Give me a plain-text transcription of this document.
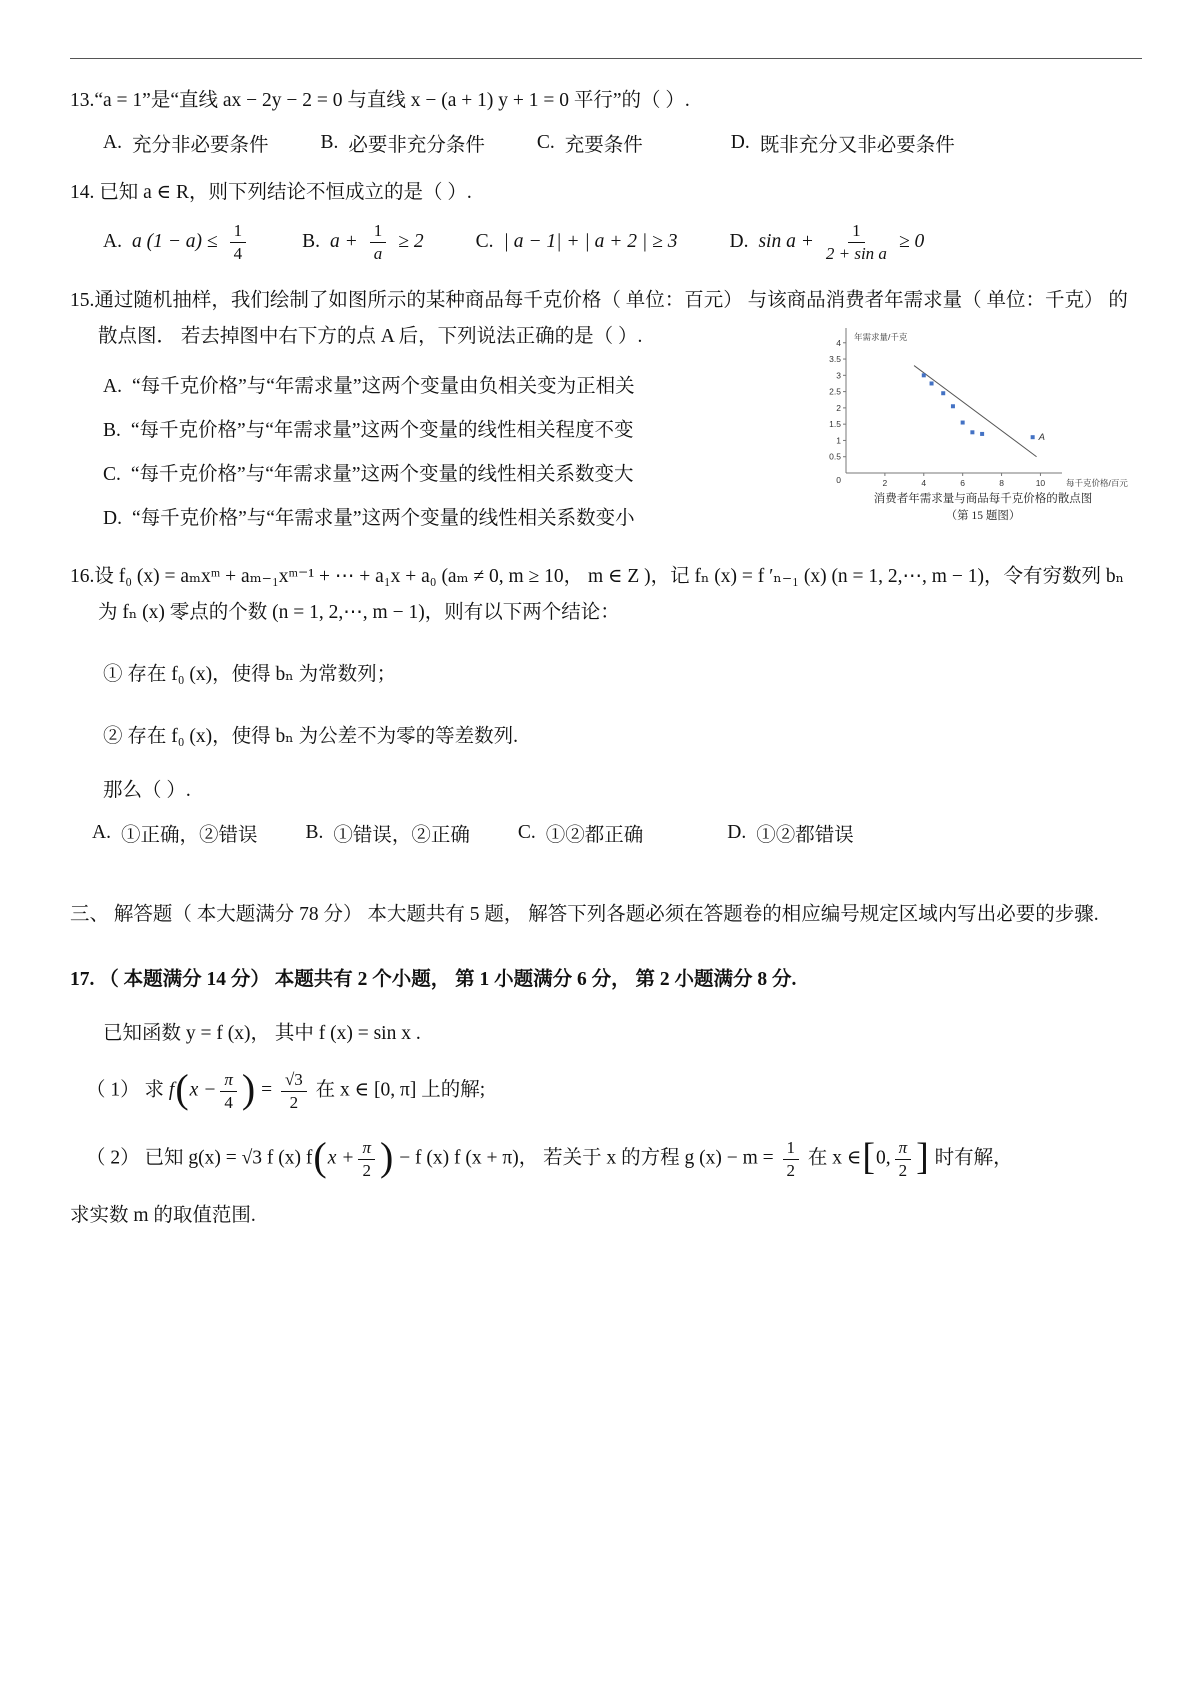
13.“a = 1”是“直线 ax − 2y − 2 = 0 与直线 x − (a + 1) y + 1 = 0 平行”的（ ）.

A. 充分非必要条件	B. 必要非充分条件	C. 充要条件	D. 既非充分又非必要条件

14. 已知 a ∈ R，则下列结论不恒成立的是（ ）.

A. a $(1 - a) \le \frac{1}{4}$	B. $a + \frac{1}{a} \ge 2$	C. | a − 1| + | a + 2 | ≥ 3	D. $\sin a + \frac{1}{\text{2 + sin a}} \ge 0$

15.通过随机抽样，我们绘制了如图所示的某种商品每千克价格（ 单位：百元） 与该商品消费者年需求量（ 单位：千克） 的散点图． 若去掉图中右下方的点 A 后，下列说法正确的是（ ）.

A. “每千克价格”与“年需求量”这两个变量由负相关变为正相关
B. “每千克价格”与“年需求量”这两个变量的线性相关程度不变
C. “每千克价格”与“年需求量”这两个变量的线性相关系数变大
D. “每千克价格”与“年需求量”这两个变量的线性相关系数变小
2	4	6	8	10
0.5
1
1.5
2
2.5
3
3.5
4
0
A
年需求量/千克
每千克价格/百元
消费者年需求量与商品每千克价格的散点图
（第 15 题图）

16.设 f₀ (x) = aₘxᵐ + aₘ₋₁xᵐ⁻¹ + ⋯ + a₁x + a₀ (aₘ ≠ 0, m ≥ 10， m ∈ Z )，记 fₙ (x) = f ′ₙ₋₁ (x) (n = 1, 2,⋯, m − 1)，令有穷数列 bₙ 为 fₙ (x) 零点的个数 (n = 1, 2,⋯, m − 1)，则有以下两个结论：

① 存在 f₀ (x)，使得 bₙ 为常数列；

② 存在 f₀ (x)，使得 bₙ 为公差不为零的等差数列.

那么（ ）.

A. ①正确，②错误 B. ①错误，②正确 C. ①②都正确	D. ①②都错误

三、 解答题（ 本大题满分 78 分） 本大题共有 5 题， 解答下列各题必须在答题卷的相应编号规定区域内写出必要的步骤.

17. （ 本题满分 14 分） 本题共有 2 个小题， 第 1 小题满分 6 分， 第 2 小题满分 8 分.

已知函数 y = f (x)， 其中 f (x) = sin x .

（ 1） 求 $f(x - \frac{\pi}{4}$ ) = $\frac{√3}{2}$ 在 x ∈ [0, π] 上的解;

（ 2） 已知 g(x) = √3 f (x) $f(x + \frac{\pi}{2}$ ) − f (x) f (x + π)， 若关于 x 的方程 g $(x) - m = \frac{1}{2}$ 在 x ∈[0, $\frac{\pi}{2}$ ] 时有解，

求实数 m 的取值范围.
